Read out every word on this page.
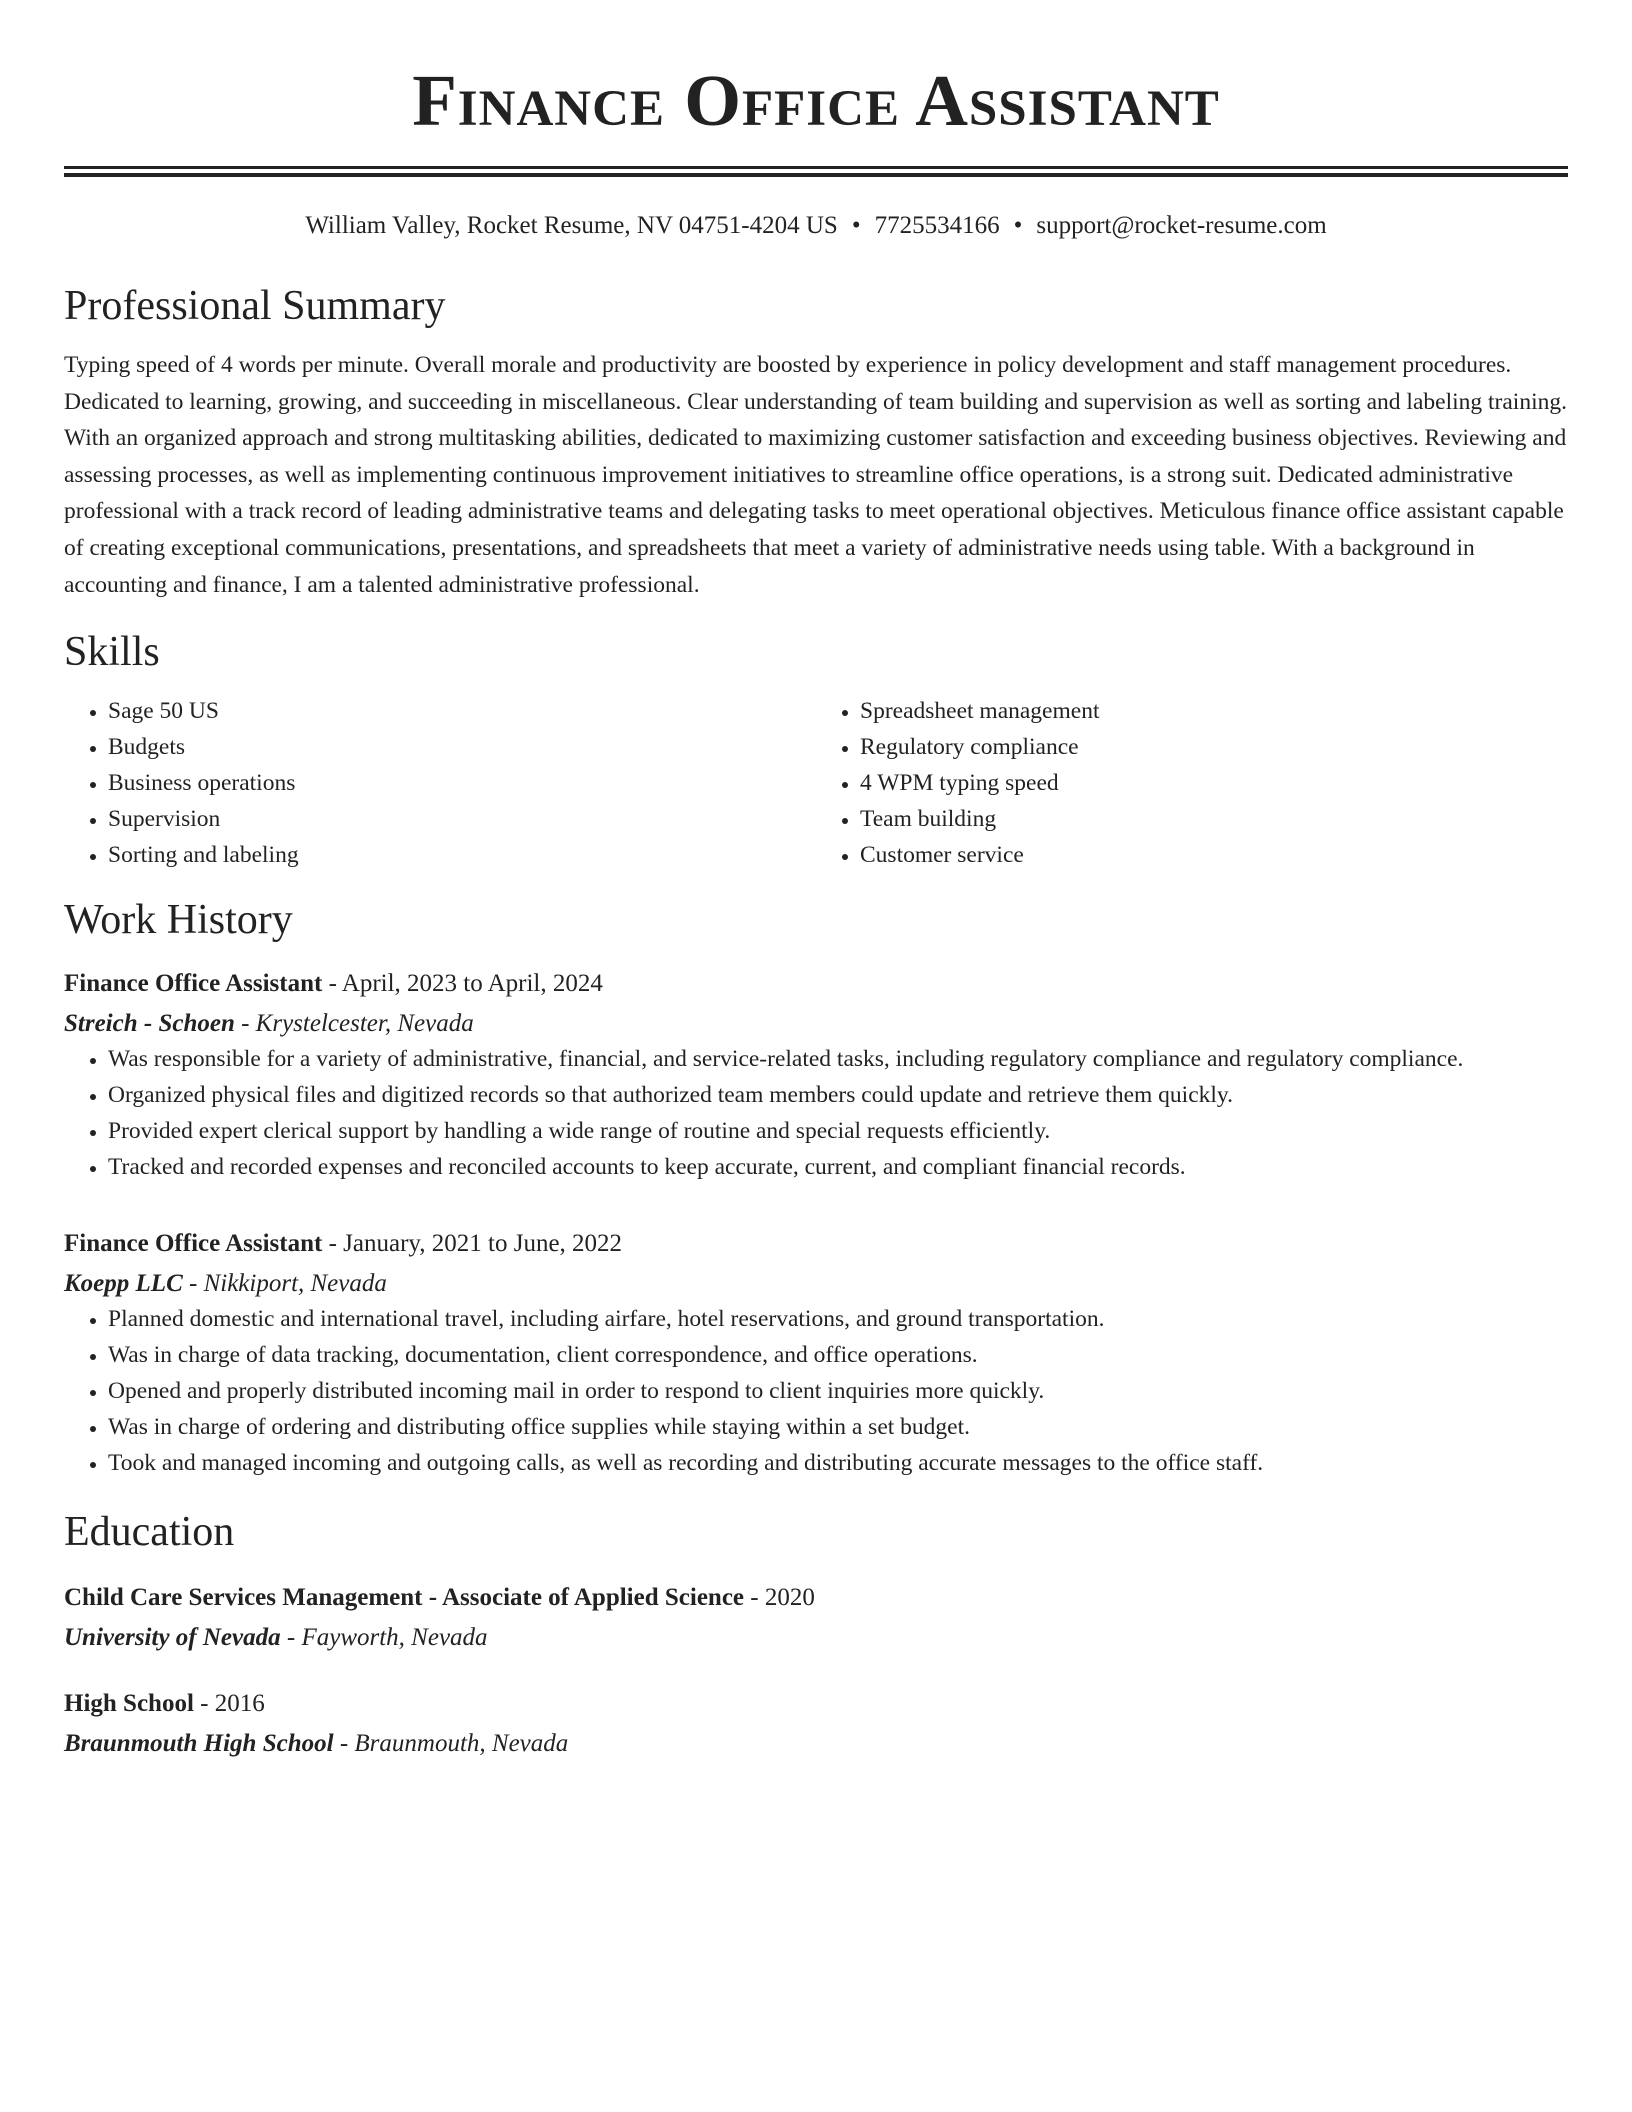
Finance Office Assistant
William Valley, Rocket Resume, NV 04751-4204 US • 7725534166 • support@rocket-resume.com
Professional Summary

Typing speed of 4 words per minute. Overall morale and productivity are boosted by experience in policy development and staff management procedures. Dedicated to learning, growing, and succeeding in miscellaneous. Clear understanding of team building and supervision as well as sorting and labeling training. With an organized approach and strong multitasking abilities, dedicated to maximizing customer satisfaction and exceeding business objectives. Reviewing and assessing processes, as well as implementing continuous improvement initiatives to streamline office operations, is a strong suit. Dedicated administrative professional with a track record of leading administrative teams and delegating tasks to meet operational objectives. Meticulous finance office assistant capable of creating exceptional communications, presentations, and spreadsheets that meet a variety of administrative needs using table. With a background in accounting and finance, I am a talented administrative professional.

Skills
• Sage 50 US
• Budgets
• Business operations
• Supervision
• Sorting and labeling
• Spreadsheet management
• Regulatory compliance
• 4 WPM typing speed
• Team building
• Customer service
Work History
Finance Office Assistant - April, 2023 to April, 2024
Streich - Schoen - Krystelcester, Nevada
• Was responsible for a variety of administrative, financial, and service-related tasks, including regulatory compliance and regulatory compliance.
• Organized physical files and digitized records so that authorized team members could update and retrieve them quickly.
• Provided expert clerical support by handling a wide range of routine and special requests efficiently.
• Tracked and recorded expenses and reconciled accounts to keep accurate, current, and compliant financial records.
Finance Office Assistant - January, 2021 to June, 2022
Koepp LLC - Nikkiport, Nevada
• Planned domestic and international travel, including airfare, hotel reservations, and ground transportation.
• Was in charge of data tracking, documentation, client correspondence, and office operations.
• Opened and properly distributed incoming mail in order to respond to client inquiries more quickly.
• Was in charge of ordering and distributing office supplies while staying within a set budget.
• Took and managed incoming and outgoing calls, as well as recording and distributing accurate messages to the office staff.
Education
Child Care Services Management - Associate of Applied Science - 2020
University of Nevada - Fayworth, Nevada
High School - 2016
Braunmouth High School - Braunmouth, Nevada
